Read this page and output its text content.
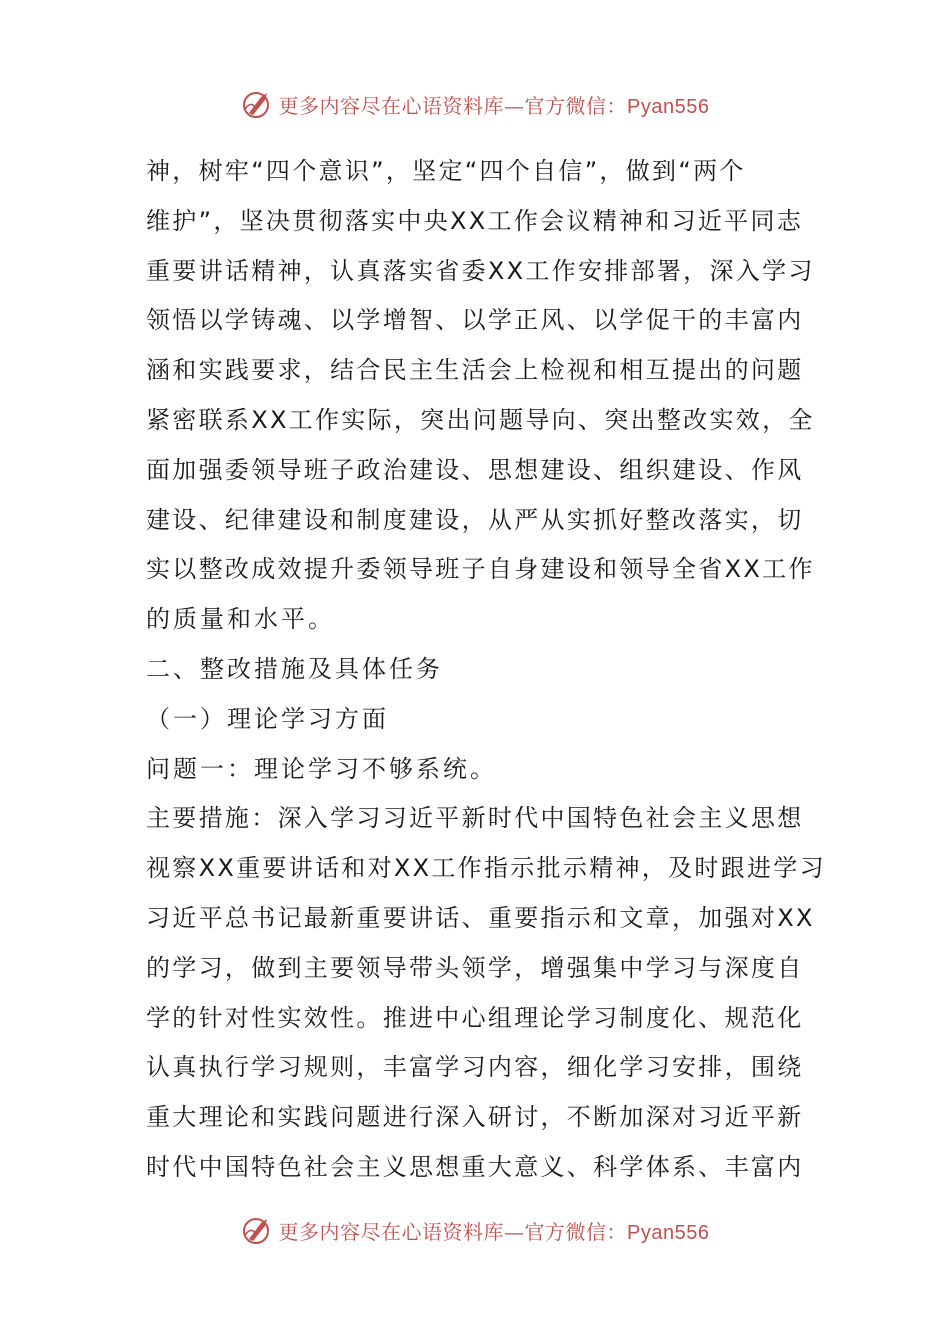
更多内容尽在心语资料库—官方微信：Pyan556
神，树牢“四个意识”，坚定“四个自信”，做到“两个
维护”，坚决贯彻落实中央XX工作会议精神和习近平同志
重要讲话精神，认真落实省委XX工作安排部署，深入学习
领悟以学铸魂、以学增智、以学正风、以学促干的丰富内
涵和实践要求，结合民主生活会上检视和相互提出的问题
紧密联系XX工作实际，突出问题导向、突出整改实效，全
面加强委领导班子政治建设、思想建设、组织建设、作风
建设、纪律建设和制度建设，从严从实抓好整改落实，切
实以整改成效提升委领导班子自身建设和领导全省XX工作
的质量和水平。
二、整改措施及具体任务
（一）理论学习方面
问题一：理论学习不够系统。
主要措施：深入学习习近平新时代中国特色社会主义思想
视察XX重要讲话和对XX工作指示批示精神，及时跟进学习
习近平总书记最新重要讲话、重要指示和文章，加强对XX
的学习，做到主要领导带头领学，增强集中学习与深度自
学的针对性实效性。推进中心组理论学习制度化、规范化
认真执行学习规则，丰富学习内容，细化学习安排，围绕
重大理论和实践问题进行深入研讨，不断加深对习近平新
时代中国特色社会主义思想重大意义、科学体系、丰富内
更多内容尽在心语资料库—官方微信：Pyan556
